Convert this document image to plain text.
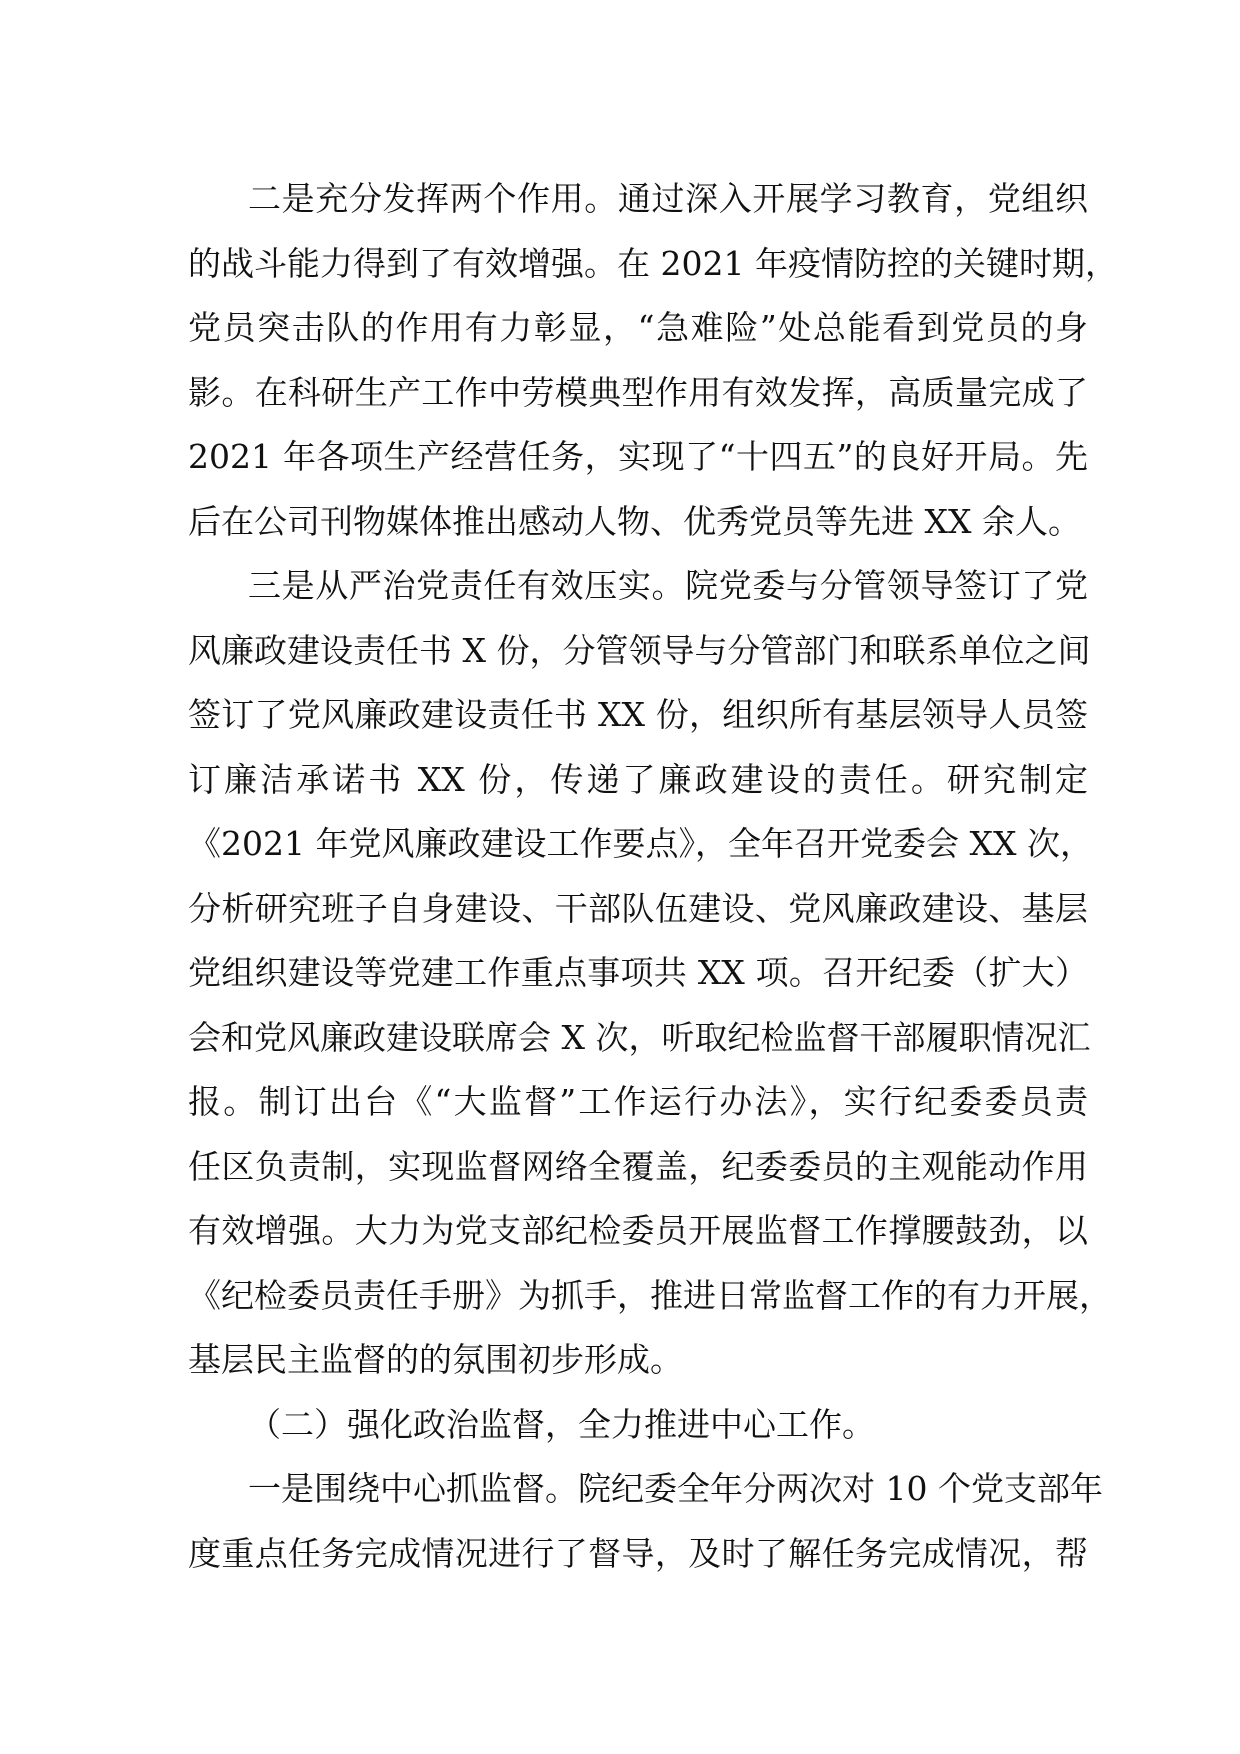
二是充分发挥两个作用。通过深入开展学习教育，党组织
的战斗能力得到了有效增强。在 2021 年疫情防控的关键时期，
党员突击队的作用有力彰显，“急难险”处总能看到党员的身
影。在科研生产工作中劳模典型作用有效发挥，高质量完成了
2021 年各项生产经营任务，实现了“十四五”的良好开局。先
后在公司刊物媒体推出感动人物、优秀党员等先进 XX 余人。
三是从严治党责任有效压实。院党委与分管领导签订了党
风廉政建设责任书 X 份，分管领导与分管部门和联系单位之间
签订了党风廉政建设责任书 XX 份，组织所有基层领导人员签
订廉洁承诺书 XX 份，传递了廉政建设的责任。研究制定
《2021 年党风廉政建设工作要点》，全年召开党委会 XX 次，
分析研究班子自身建设、干部队伍建设、党风廉政建设、基层
党组织建设等党建工作重点事项共 XX 项。召开纪委（扩大）
会和党风廉政建设联席会 X 次，听取纪检监督干部履职情况汇
报。制订出台《“大监督”工作运行办法》，实行纪委委员责
任区负责制，实现监督网络全覆盖，纪委委员的主观能动作用
有效增强。大力为党支部纪检委员开展监督工作撑腰鼓劲，以
《纪检委员责任手册》为抓手，推进日常监督工作的有力开展，
基层民主监督的的氛围初步形成。
（二）强化政治监督，全力推进中心工作。
一是围绕中心抓监督。院纪委全年分两次对 10 个党支部年
度重点任务完成情况进行了督导，及时了解任务完成情况，帮
